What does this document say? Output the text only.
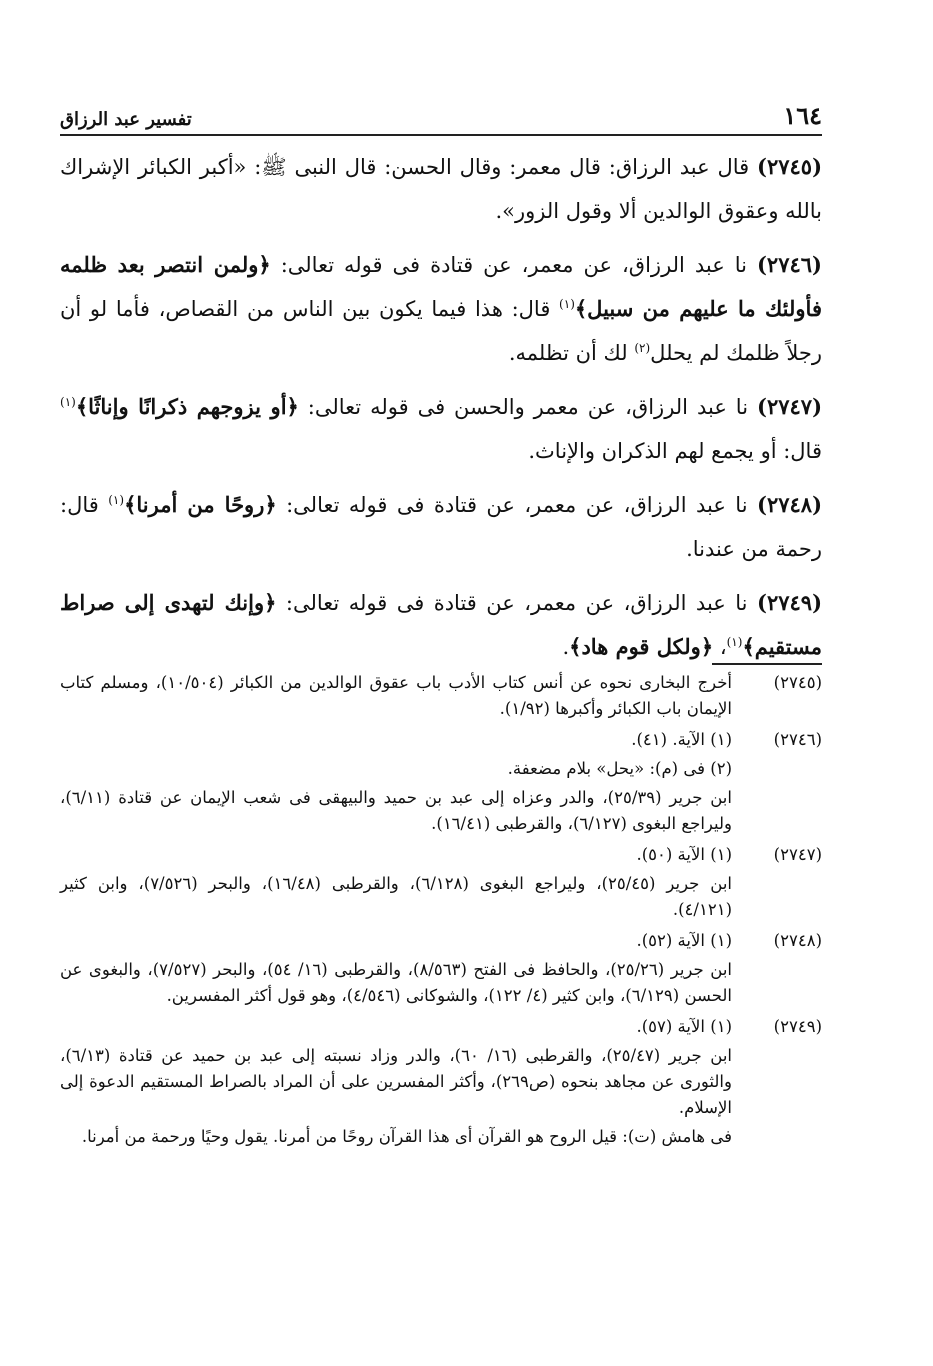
١٦٤
تفسير عبد الرزاق

(٢٧٤٥) قال عبد الرزاق: قال معمر: وقال الحسن: قال النبى ﷺ: «أكبر الكبائر الإشراك بالله وعقوق الوالدين ألا وقول الزور».

(٢٧٤٦) نا عبد الرزاق، عن معمر، عن قتادة فى قوله تعالى: ﴿ولمن انتصر بعد ظلمه فأولئك ما عليهم من سبيل﴾$^{(١)}$ قال: هذا فيما يكون بين الناس من القصاص، فأما لو أن رجلاً ظلمك لم يحلل$^{(٢)}$ لك أن تظلمه.

(٢٧٤٧) نا عبد الرزاق، عن معمر والحسن فى قوله تعالى: ﴿أو يزوجهم ذكرانًا وإناثًا﴾$^{(١)}$ قال: أو يجمع لهم الذكران والإناث.

(٢٧٤٨) نا عبد الرزاق، عن معمر، عن قتادة فى قوله تعالى: ﴿روحًا من أمرنا﴾$^{(١)}$ قال: رحمة من عندنا.

(٢٧٤٩) نا عبد الرزاق، عن معمر، عن قتادة فى قوله تعالى: ﴿وإنك لتهدى إلى صراط مستقيم﴾$^{(١)}$، ﴿ولكل قوم هاد﴾.

(٢٧٤٥)

أخرج البخارى نحوه عن أنس كتاب الأدب باب عقوق الوالدين من الكبائر (١٠/٥٠٤)، ومسلم كتاب الإيمان باب الكبائر وأكبرها (١/٩٢).

(٢٧٤٦)

(١) الآية. (٤١).

(٢) فى (م): «يحل» بلام مضعفة.

ابن جرير (٢٥/٣٩)، والدر وعزاه إلى عبد بن حميد والبيهقى فى شعب الإيمان عن قتادة (٦/١١)، وليراجع البغوى (٦/١٢٧)، والقرطبى (١٦/٤١).

(٢٧٤٧)

(١) الآية (٥٠).

ابن جرير (٢٥/٤٥)، وليراجع البغوى (٦/١٢٨)، والقرطبى (١٦/٤٨)، والبحر (٧/٥٢٦)، وابن كثير (٤/١٢١).

(٢٧٤٨)

(١) الآية (٥٢).

ابن جرير (٢٥/٢٦)، والحافظ فى الفتح (٨/٥٦٣)، والقرطبى (١٦/ ٥٤)، والبحر (٧/٥٢٧)، والبغوى عن الحسن (٦/١٢٩)، وابن كثير (٤/ ١٢٢)، والشوكانى (٤/٥٤٦)، وهو قول أكثر المفسرين.

(٢٧٤٩)

(١) الآية (٥٧).

ابن جرير (٢٥/٤٧)، والقرطبى (١٦/ ٦٠)، والدر وزاد نسبته إلى عبد بن حميد عن قتادة (٦/١٣)، والثورى عن مجاهد بنحوه (ص٢٦٩)، وأكثر المفسرين على أن المراد بالصراط المستقيم الدعوة إلى الإسلام.

فى هامش (ت): قيل الروح هو القرآن أى هذا القرآن روحًا من أمرنا. يقول وحيًا ورحمة من أمرنا.
